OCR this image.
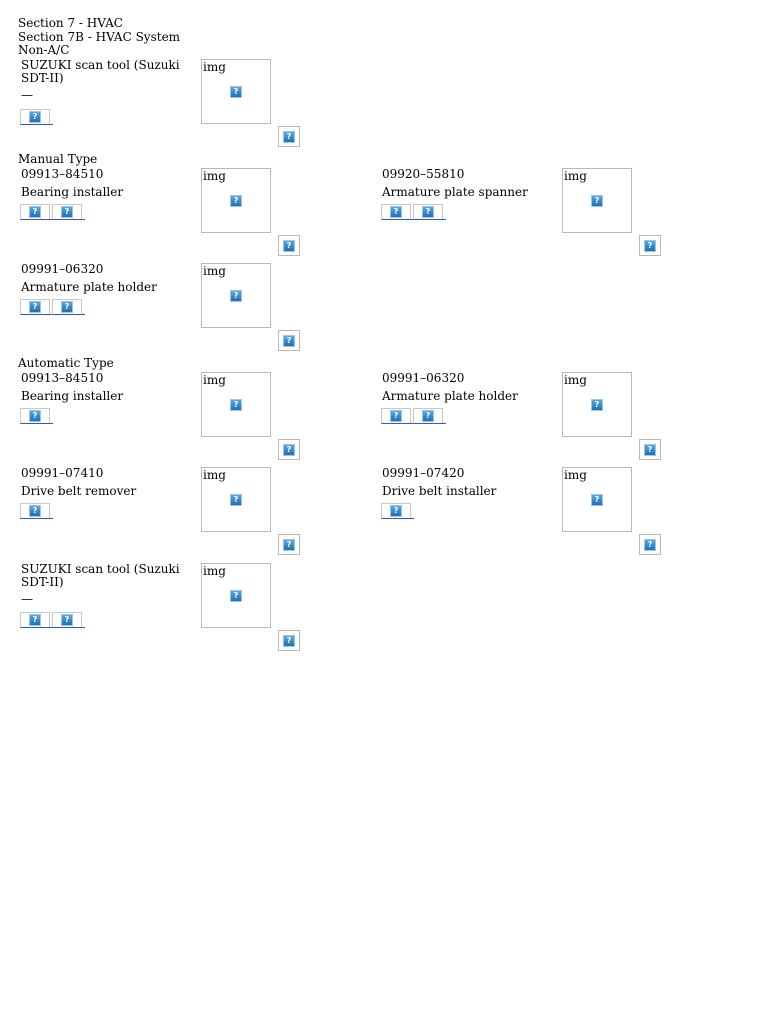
Section 7 - HVAC
Section 7B - HVAC System
Non-A/C
SUZUKI scan tool (Suzuki SDT-II)
—
?
img
?
?
Manual Type
09913–84510
Bearing installer
?	?
img
?
?
09920–55810
Armature plate spanner
?	?
img
?
?
09991–06320
Armature plate holder
?	?
img
?
?
Automatic Type
09913–84510
Bearing installer
?
img
?
?
09991–06320
Armature plate holder
?	?
img
?
?
09991–07410
Drive belt remover
?
img
?
?
09991–07420
Drive belt installer
?
img
?
?
SUZUKI scan tool (Suzuki SDT-II)
—
?	?
img
?
?
